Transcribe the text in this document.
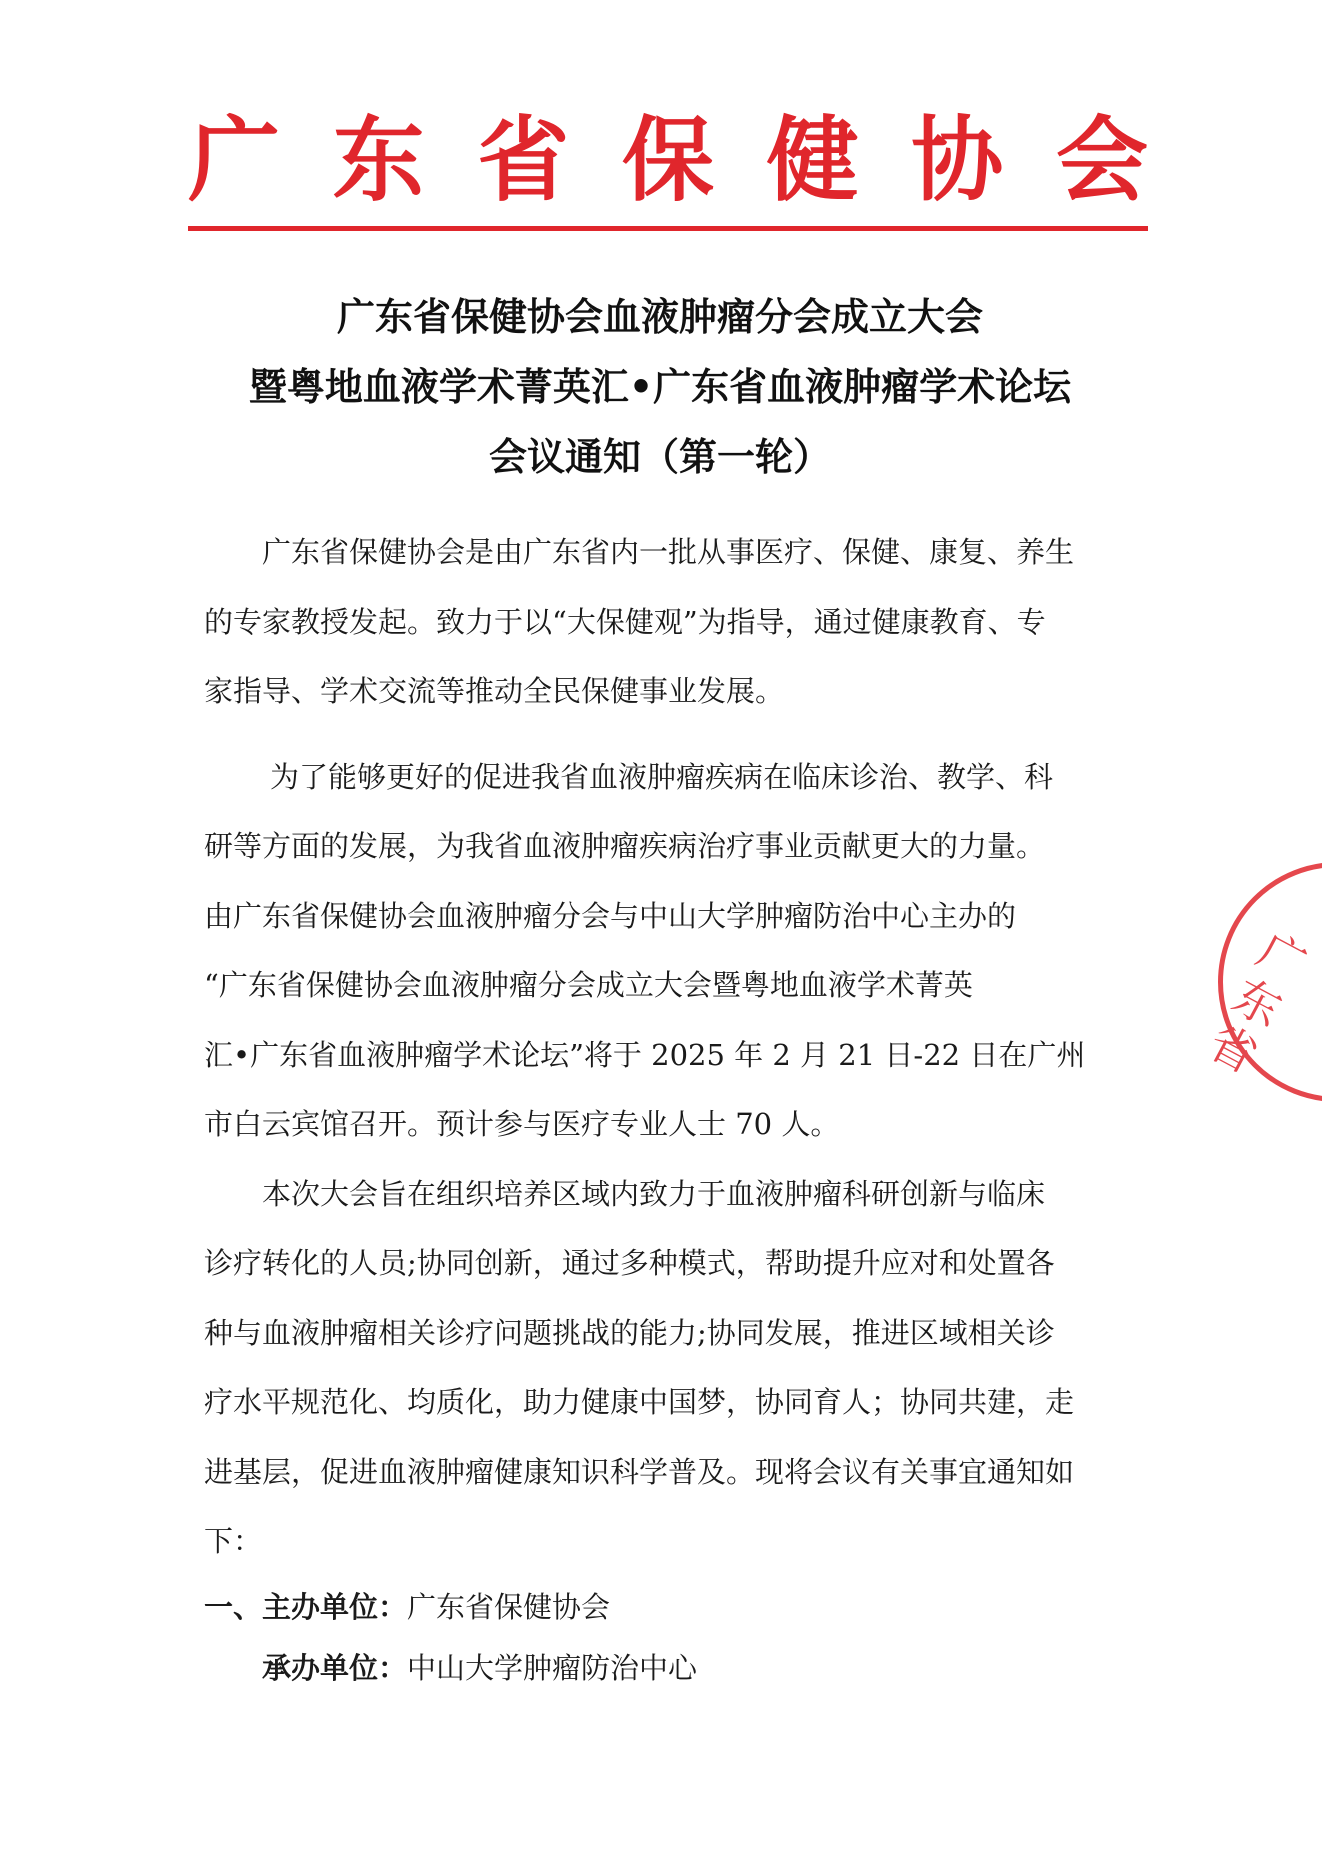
广 东 省 保 健 协 会
广东省保健协会血液肿瘤分会成立大会
暨粤地血液学术菁英汇•广东省血液肿瘤学术论坛
会议通知（第一轮）

广东省保健协会是由广东省内一批从事医疗、保健、康复、养生
的专家教授发起。致力于以“大保健观”为指导，通过健康教育、专
家指导、学术交流等推动全民保健事业发展。

为了能够更好的促进我省血液肿瘤疾病在临床诊治、教学、科
研等方面的发展，为我省血液肿瘤疾病治疗事业贡献更大的力量。
由广东省保健协会血液肿瘤分会与中山大学肿瘤防治中心主办的
“广东省保健协会血液肿瘤分会成立大会暨粤地血液学术菁英
汇•广东省血液肿瘤学术论坛”将于 2025 年 2 月 21 日-22 日在广州
市白云宾馆召开。预计参与医疗专业人士 70 人。

本次大会旨在组织培养区域内致力于血液肿瘤科研创新与临床
诊疗转化的人员;协同创新，通过多种模式，帮助提升应对和处置各
种与血液肿瘤相关诊疗问题挑战的能力;协同发展，推进区域相关诊
疗水平规范化、均质化，助力健康中国梦，协同育人；协同共建，走
进基层，促进血液肿瘤健康知识科学普及。现将会议有关事宜通知如
下：

一、主办单位：广东省保健协会
承办单位：中山大学肿瘤防治中心
广东省
